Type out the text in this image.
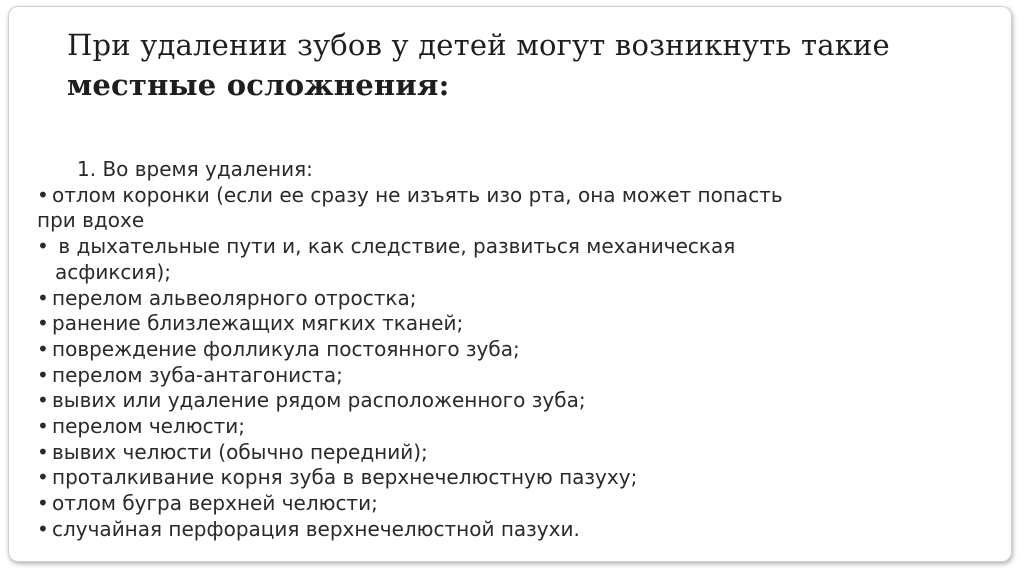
При удалении зубов у детей могут возникнуть такие местные осложнения:
1. Во время удаления:
• отлом коронки (если ее сразу не изъять изо рта, она может попасть
при вдохе
• в дыхательные пути и, как следствие, развиться механическая
асфиксия);
• перелом альвеолярного отростка;
• ранение близлежащих мягких тканей;
• повреждение фолликула постоянного зуба;
• перелом зуба-антагониста;
• вывих или удаление рядом расположенного зуба;
• перелом челюсти;
• вывих челюсти (обычно передний);
• проталкивание корня зуба в верхнечелюстную пазуху;
• отлом бугра верхней челюсти;
• случайная перфорация верхнечелюстной пазухи.
